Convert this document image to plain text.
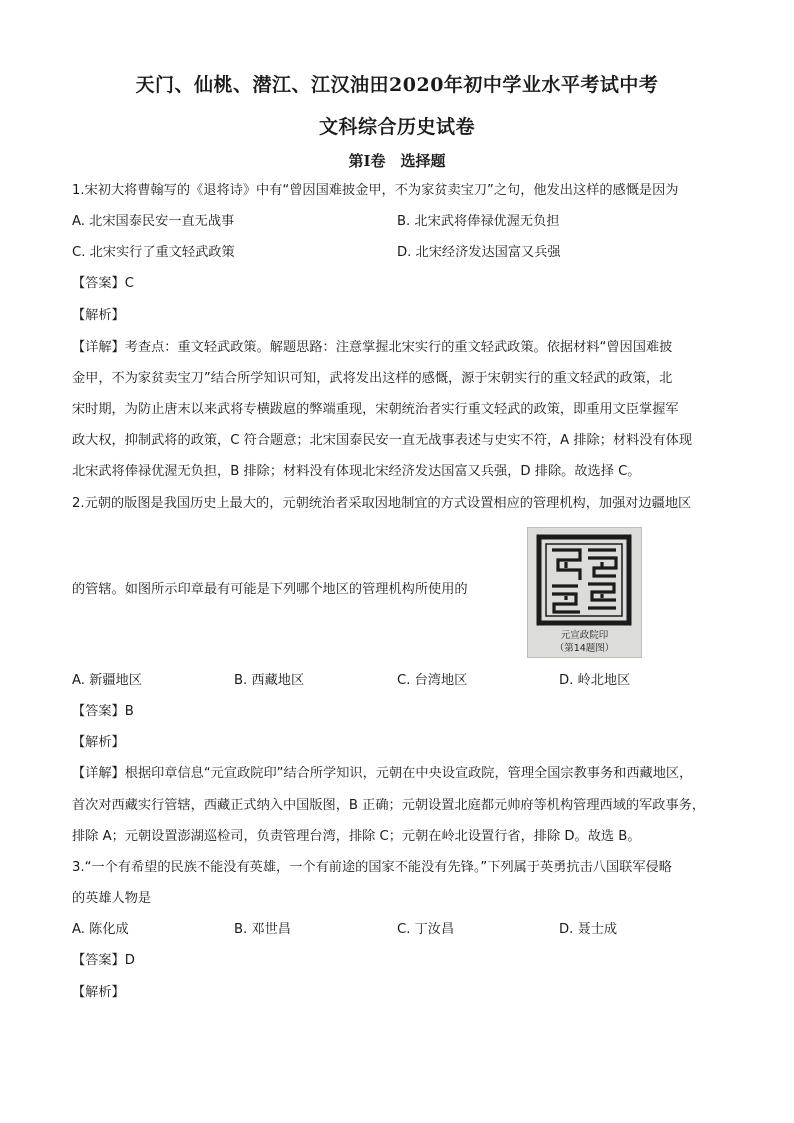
天门、仙桃、潜江、江汉油田2020年初中学业水平考试中考
文科综合历史试卷
第Ⅰ卷　选择题
1.宋初大将曹翰写的《退将诗》中有“曾因国难披金甲，不为家贫卖宝刀”之句，他发出这样的感慨是因为
A. 北宋国泰民安一直无战事	B. 北宋武将俸禄优渥无负担
C. 北宋实行了重文轻武政策	D. 北宋经济发达国富又兵强
【答案】C
【解析】
【详解】考查点：重文轻武政策。解题思路：注意掌握北宋实行的重文轻武政策。依据材料“曾因国难披
金甲，不为家贫卖宝刀”结合所学知识可知，武将发出这样的感慨，源于宋朝实行的重文轻武的政策，北
宋时期，为防止唐末以来武将专横跋扈的弊端重现，宋朝统治者实行重文轻武的政策，即重用文臣掌握军
政大权，抑制武将的政策，C 符合题意；北宋国泰民安一直无战事表述与史实不符，A 排除；材料没有体现
北宋武将俸禄优渥无负担，B 排除；材料没有体现北宋经济发达国富又兵强，D 排除。故选择 C。
2.元朝的版图是我国历史上最大的，元朝统治者采取因地制宜的方式设置相应的管理机构，加强对边疆地区
的管辖。如图所示印章最有可能是下列哪个地区的管理机构所使用的
元宣政院印
（第14题图）
A. 新疆地区	B. 西藏地区	C. 台湾地区	D. 岭北地区
【答案】B
【解析】
【详解】根据印章信息“元宣政院印”结合所学知识，元朝在中央设宣政院，管理全国宗教事务和西藏地区，
首次对西藏实行管辖，西藏正式纳入中国版图，B 正确；元朝设置北庭都元帅府等机构管理西域的军政事务，
排除 A；元朝设置澎湖巡检司，负责管理台湾，排除 C；元朝在岭北设置行省，排除 D。故选 B。
3.“一个有希望的民族不能没有英雄，一个有前途的国家不能没有先锋。”下列属于英勇抗击八国联军侵略
的英雄人物是
A. 陈化成	B. 邓世昌	C. 丁汝昌	D. 聂士成
【答案】D
【解析】
